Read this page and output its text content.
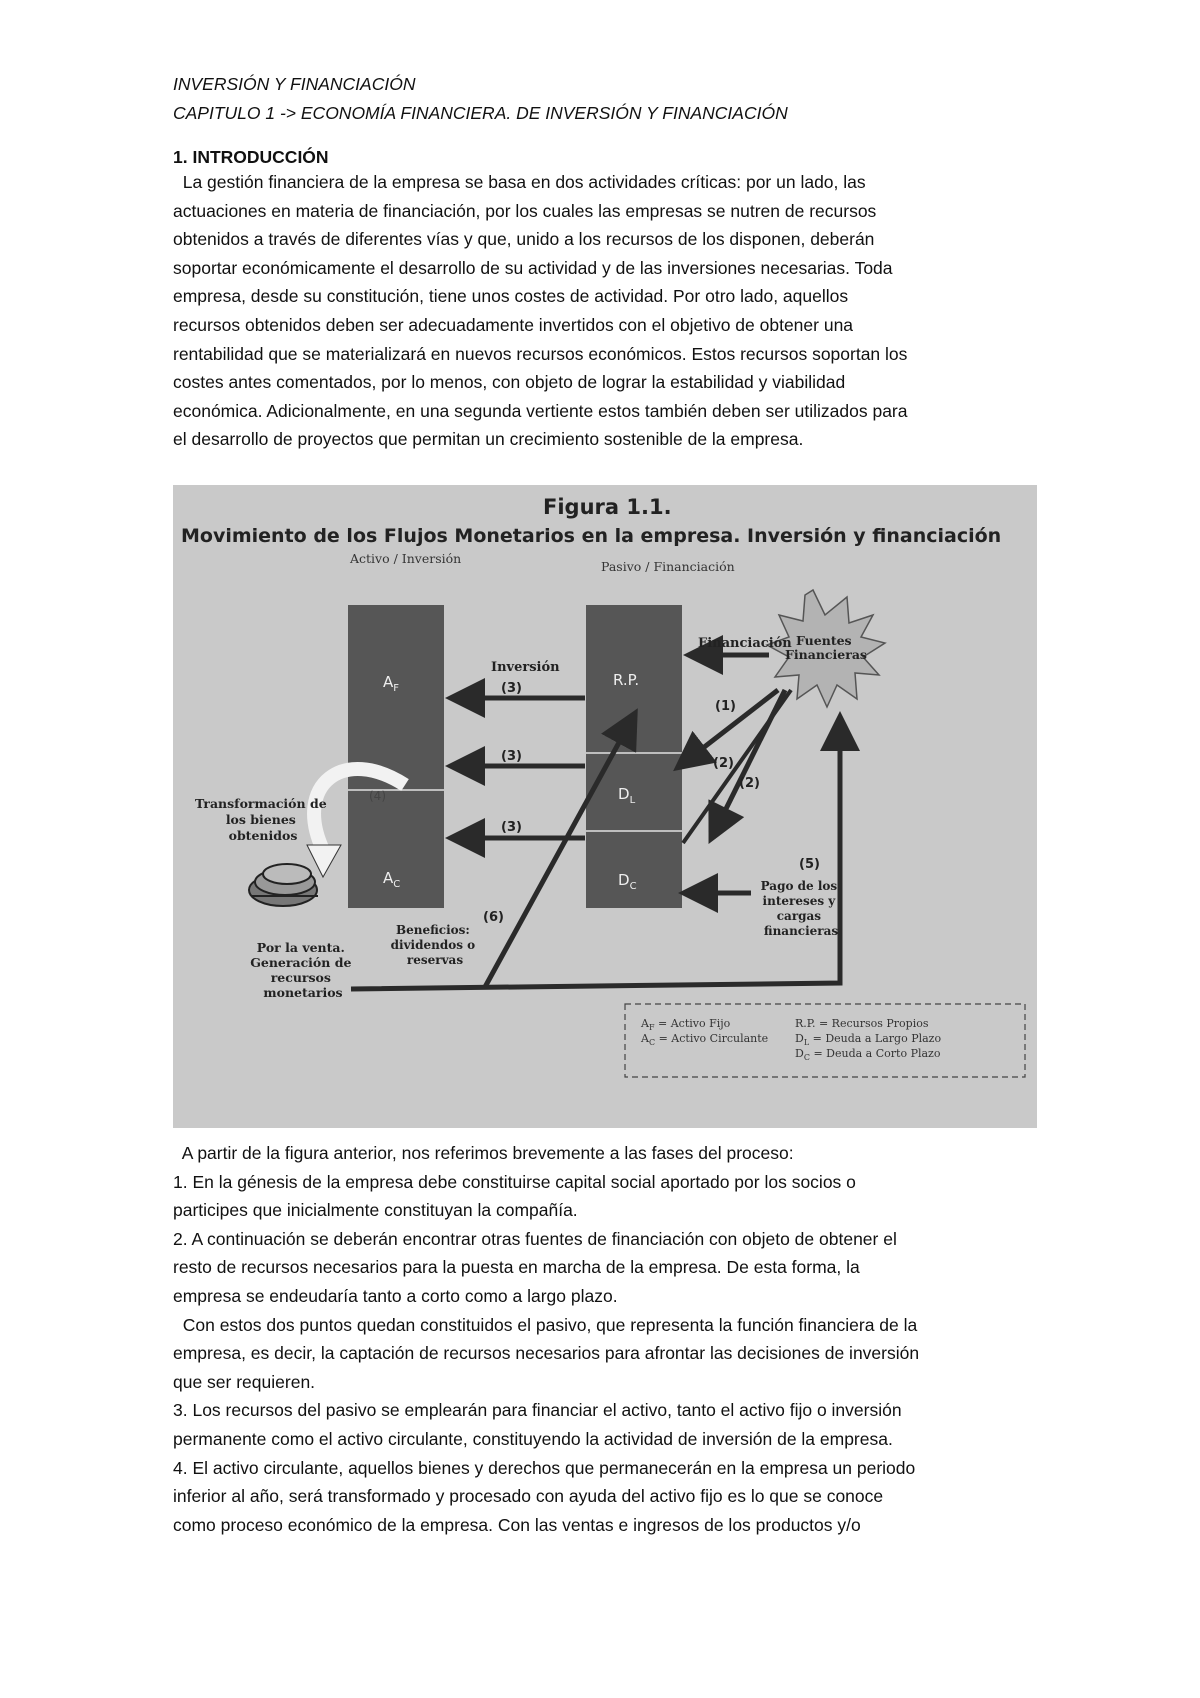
INVERSIÓN Y FINANCIACIÓN
CAPITULO 1 -> ECONOMÍA FINANCIERA. DE INVERSIÓN Y FINANCIACIÓN
1. INTRODUCCIÓN
La gestión financiera de la empresa se basa en dos actividades críticas: por un lado, las
actuaciones en materia de financiación, por los cuales las empresas se nutren de recursos
obtenidos a través de diferentes vías y que, unido a los recursos de los disponen, deberán
soportar económicamente el desarrollo de su actividad y de las inversiones necesarias. Toda
empresa, desde su constitución, tiene unos costes de actividad. Por otro lado, aquellos
recursos obtenidos deben ser adecuadamente invertidos con el objetivo de obtener una
rentabilidad que se materializará en nuevos recursos económicos. Estos recursos soportan los
costes antes comentados, por lo menos, con objeto de lograr la estabilidad y viabilidad
económica. Adicionalmente, en una segunda vertiente estos también deben ser utilizados para
el desarrollo de proyectos que permitan un crecimiento sostenible de la empresa.
Figura 1.1.
Movimiento de los Flujos Monetarios en la empresa. Inversión y financiación
Activo / Inversión
Pasivo / Financiación
$A_F$
$A_C$
R.P.
$D_L$
$D_C$
Inversión
(3)
(3)
(3)
(4)
Transformación de los bienes obtenidos
Fuentes Financieras
Financiación
(1)
(2)
(2)
(5)
Pago de los intereses y cargas financieras
(6)
Beneficios: dividendos o reservas
Por la venta. Generación de recursos monetarios
$A_F$ = Activo Fijo
$A_C$ = Activo Circulante
R.P. = Recursos Propios
$D_L$ = Deuda a Largo Plazo
$D_C$ = Deuda a Corto Plazo
A partir de la figura anterior, nos referimos brevemente a las fases del proceso:
1. En la génesis de la empresa debe constituirse capital social aportado por los socios o
participes que inicialmente constituyan la compañía.
2. A continuación se deberán encontrar otras fuentes de financiación con objeto de obtener el
resto de recursos necesarios para la puesta en marcha de la empresa. De esta forma, la
empresa se endeudaría tanto a corto como a largo plazo.
Con estos dos puntos quedan constituidos el pasivo, que representa la función financiera de la
empresa, es decir, la captación de recursos necesarios para afrontar las decisiones de inversión
que ser requieren.
3. Los recursos del pasivo se emplearán para financiar el activo, tanto el activo fijo o inversión
permanente como el activo circulante, constituyendo la actividad de inversión de la empresa.
4. El activo circulante, aquellos bienes y derechos que permanecerán en la empresa un periodo
inferior al año, será transformado y procesado con ayuda del activo fijo es lo que se conoce
como proceso económico de la empresa. Con las ventas e ingresos de los productos y/o
